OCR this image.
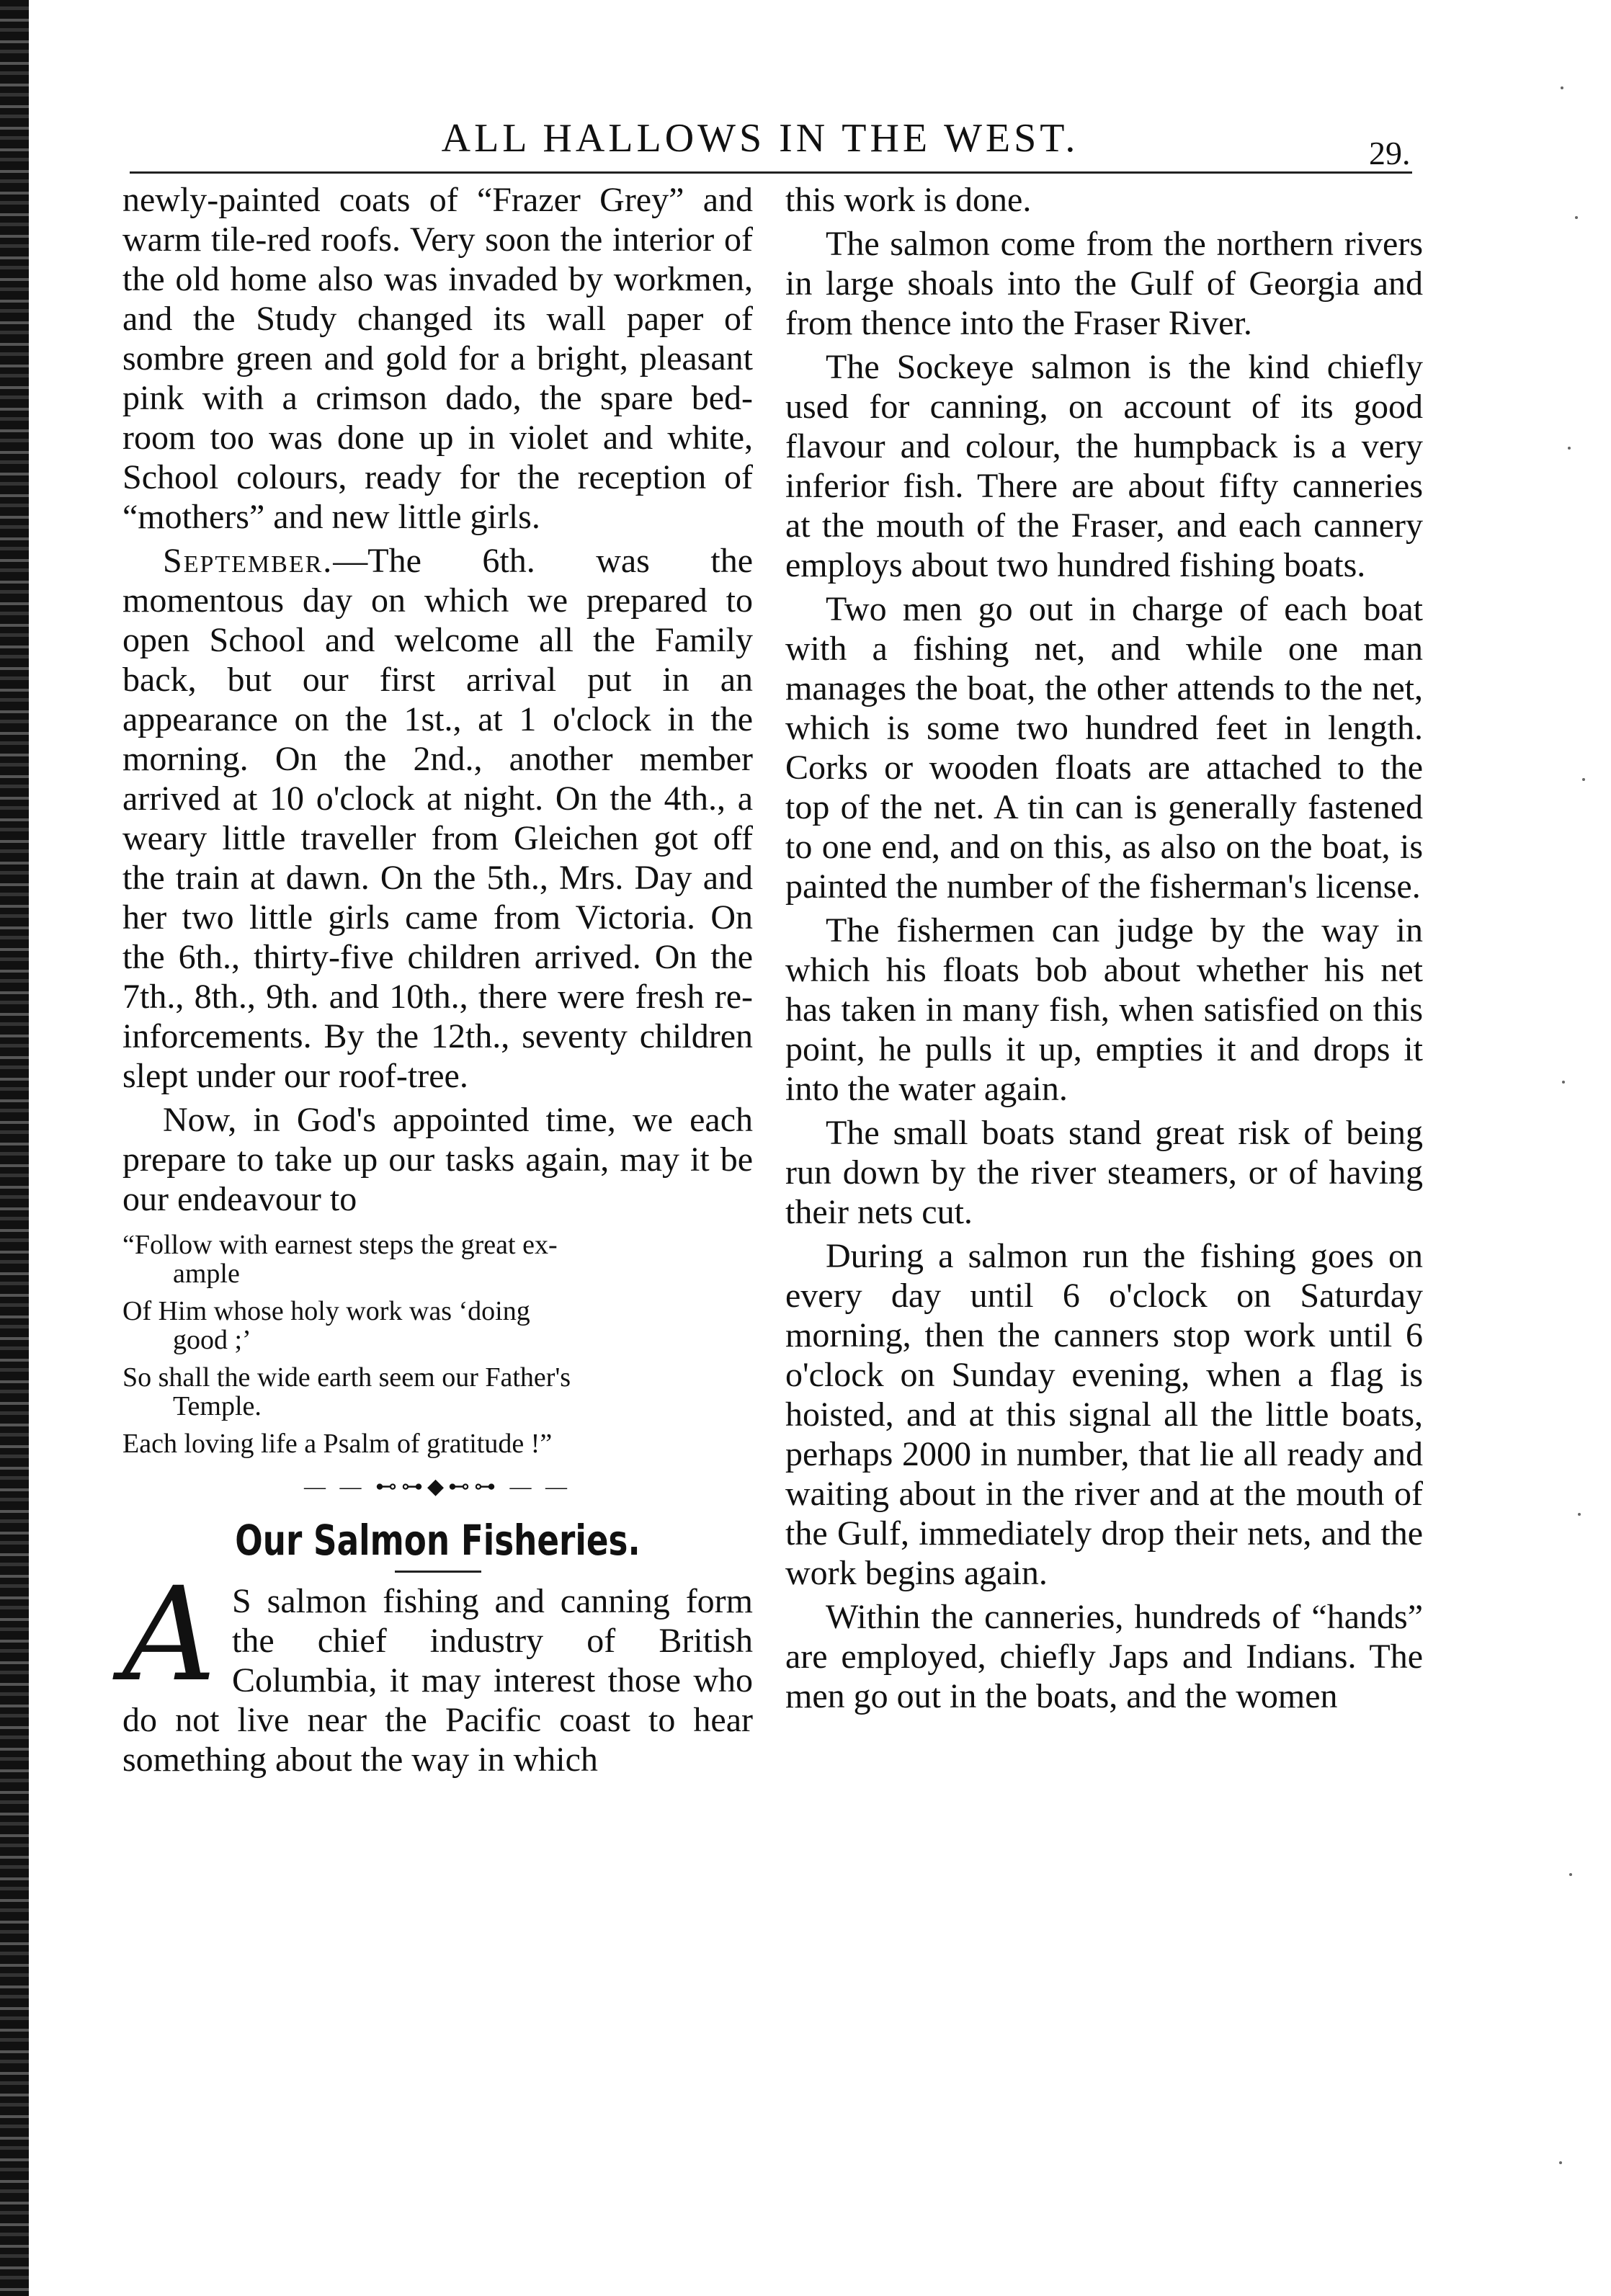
ALL HALLOWS IN THE WEST.	29.

newly-painted coats of “Frazer Grey” and warm tile-red roofs. Very soon the interior of the old home also was invaded by workmen, and the Study changed its wall paper of sombre green and gold for a bright, pleasant pink with a crimson dado, the spare bed-room too was done up in violet and white, School colours, ready for the reception of “mothers” and new little girls.

September.—The 6th. was the momentous day on which we prepared to open School and welcome all the Family back, but our first arrival put in an appearance on the 1st., at 1 o'clock in the morning. On the 2nd., another member arrived at 10 o'clock at night. On the 4th., a weary little traveller from Gleichen got off the train at dawn. On the 5th., Mrs. Day and her two little girls came from Victoria. On the 6th., thirty-five children arrived. On the 7th., 8th., 9th. and 10th., there were fresh re-inforcements. By the 12th., seventy children slept under our roof-tree.

Now, in God's appointed time, we each prepare to take up our tasks again, may it be our endeavour to

“Follow with earnest steps the great ex-
ample

Of Him whose holy work was ‘doing
good ;’

So shall the wide earth seem our Father's
Temple.

Each loving life a Psalm of gratitude !”

— — ⊷⊶◆⊷⊶ — —
Our Salmon Fisheries.

A S salmon fishing and canning form the chief industry of British Columbia, it may interest those who do not live near the Pacific coast to hear something about the way in which

this work is done.

The salmon come from the northern rivers in large shoals into the Gulf of Georgia and from thence into the Fraser River.

The Sockeye salmon is the kind chiefly used for canning, on account of its good flavour and colour, the humpback is a very inferior fish. There are about fifty canneries at the mouth of the Fraser, and each cannery employs about two hundred fishing boats.

Two men go out in charge of each boat with a fishing net, and while one man manages the boat, the other attends to the net, which is some two hundred feet in length. Corks or wooden floats are attached to the top of the net. A tin can is generally fastened to one end, and on this, as also on the boat, is painted the number of the fisherman's license.

The fishermen can judge by the way in which his floats bob about whether his net has taken in many fish, when satisfied on this point, he pulls it up, empties it and drops it into the water again.

The small boats stand great risk of being run down by the river steamers, or of having their nets cut.

During a salmon run the fishing goes on every day until 6 o'clock on Saturday morning, then the canners stop work until 6 o'clock on Sunday evening, when a flag is hoisted, and at this signal all the little boats, perhaps 2000 in number, that lie all ready and waiting about in the river and at the mouth of the Gulf, immediately drop their nets, and the work begins again.

Within the canneries, hundreds of “hands” are employed, chiefly Japs and Indians. The men go out in the boats, and the women
